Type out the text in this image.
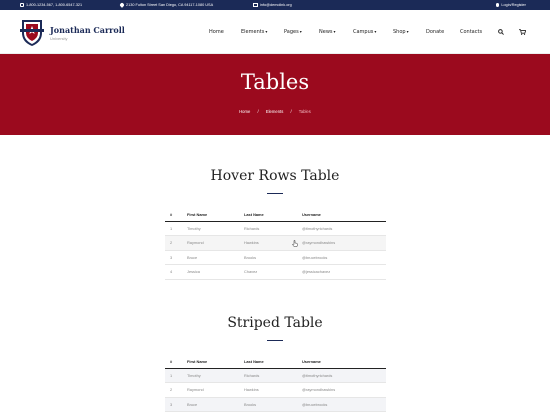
1-800-1234-567, 1-800-6547-321	2130 Fulton Street San Diego, CA 94117-1080 USA	info@demolink.org	Login/Register
Jonathan Carroll
University
Home	Elements▾	Pages▾	News▾	Campus▾	Shop▾	Donate	Contacts
Tables
Home / Elements / Tables
Hover Rows Table
#	First Name	Last Name	Username
1	Timothy	Richards	@timothyrichards
2	Raymond	Hawkins	@raymondhawkins
3	Bruce	Brooks	@brucebrooks
4	Jessica	Chavez	@jessicachavez
Striped Table
#	First Name	Last Name	Username
1	Timothy	Richards	@timothyrichards
2	Raymond	Hawkins	@raymondhawkins
3	Bruce	Brooks	@brucebrooks
